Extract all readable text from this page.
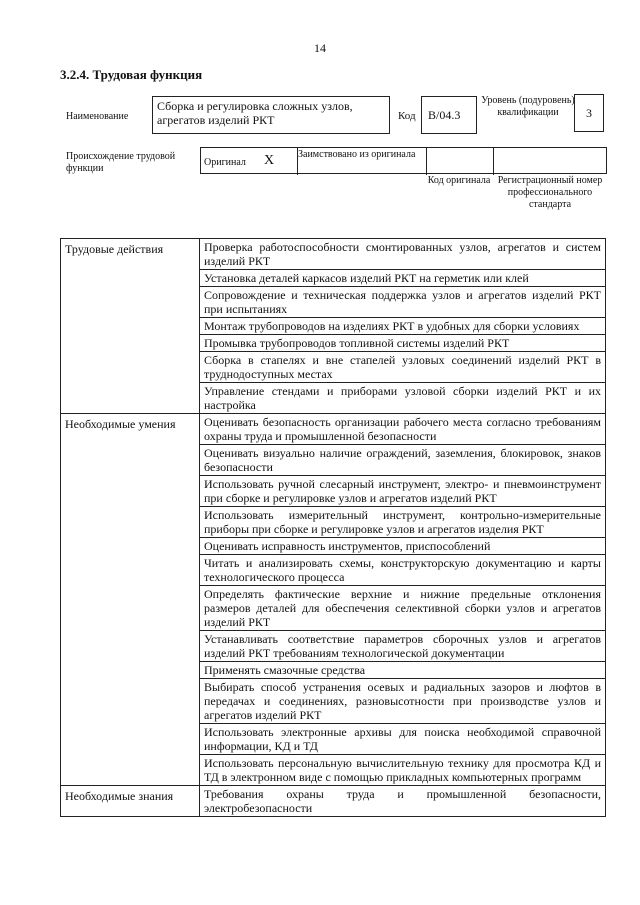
14
3.2.4. Трудовая функция
Наименование
Сборка и регулировка сложных узлов, агрегатов изделий РКТ	Код	В/04.3
Уровень (подуровень) квалификации	3
Происхождение трудовой функции
Оригинал Х Заимствовано из оригинала
Код оригинала Регистрационный номер профессионального стандарта
Трудовые действия	Проверка работоспособности смонтированных узлов, агрегатов и систем изделий РКТ
	Установка деталей каркасов изделий РКТ на герметик или клей
	Сопровождение и техническая поддержка узлов и агрегатов изделий РКТ при испытаниях
	Монтаж трубопроводов на изделиях РКТ в удобных для сборки условиях
	Промывка трубопроводов топливной системы изделий РКТ
	Сборка в стапелях и вне стапелей узловых соединений изделий РКТ в труднодоступных местах
	Управление стендами и приборами узловой сборки изделий РКТ и их настройка
Необходимые умения	Оценивать безопасность организации рабочего места согласно требованиям охраны труда и промышленной безопасности
	Оценивать визуально наличие ограждений, заземления, блокировок, знаков безопасности
	Использовать ручной слесарный инструмент, электро- и пневмоинструмент при сборке и регулировке узлов и агрегатов изделий РКТ
	Использовать измерительный инструмент, контрольно-измерительные приборы при сборке и регулировке узлов и агрегатов изделия РКТ
	Оценивать исправность инструментов, приспособлений
	Читать и анализировать схемы, конструкторскую документацию и карты технологического процесса
	Определять фактические верхние и нижние предельные отклонения размеров деталей для обеспечения селективной сборки узлов и агрегатов изделий РКТ
	Устанавливать соответствие параметров сборочных узлов и агрегатов изделий РКТ требованиям технологической документации
	Применять смазочные средства
	Выбирать способ устранения осевых и радиальных зазоров и люфтов в передачах и соединениях, разновысотности при производстве узлов и агрегатов изделий РКТ
	Использовать электронные архивы для поиска необходимой справочной информации, КД и ТД
	Использовать персональную вычислительную технику для просмотра КД и ТД в электронном виде с помощью прикладных компьютерных программ
Необходимые знания	Требования охраны труда и промышленной безопасности, электробезопасности
